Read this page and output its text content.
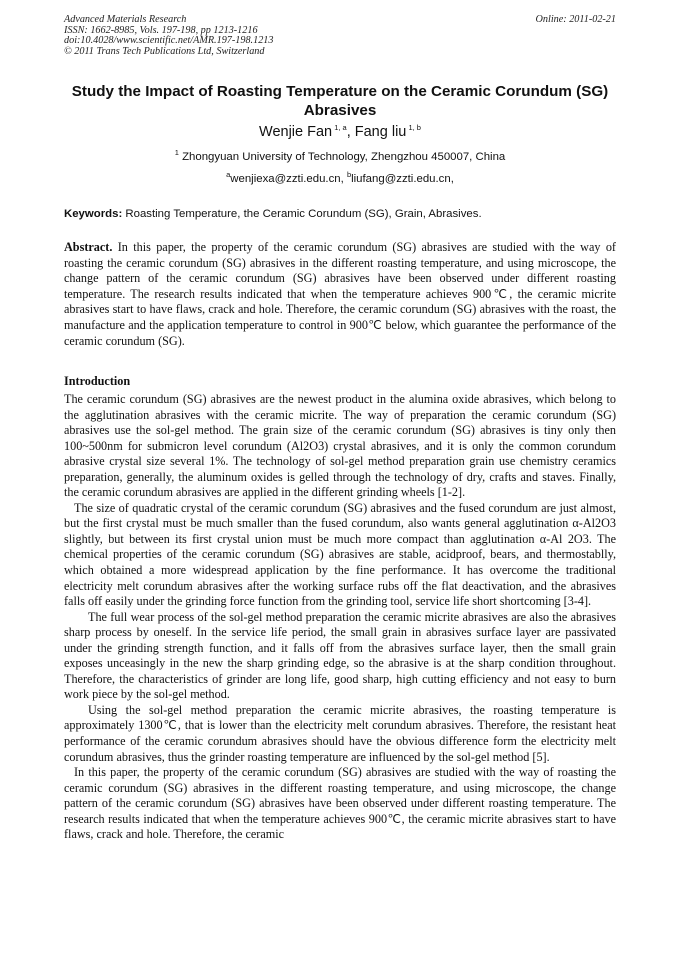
Advanced Materials Research
ISSN: 1662-8985, Vols. 197-198, pp 1213-1216
doi:10.4028/www.scientific.net/AMR.197-198.1213
© 2011 Trans Tech Publications Ltd, Switzerland
Online: 2011-02-21
Study the Impact of Roasting Temperature on the Ceramic Corundum (SG) Abrasives
Wenjie Fan $^{1, a}$, Fang liu $^{1, b}$
$^1$ Zhongyuan University of Technology, Zhengzhou 450007, China
$^a$wenjiexa@zzti.edu.cn, $^b$liufang@zzti.edu.cn,
Keywords: Roasting Temperature, the Ceramic Corundum (SG), Grain, Abrasives.
Abstract. In this paper, the property of the ceramic corundum (SG) abrasives are studied with the way of roasting the ceramic corundum (SG) abrasives in the different roasting temperature, and using microscope, the change pattern of the ceramic corundum (SG) abrasives have been observed under different roasting temperature. The research results indicated that when the temperature achieves 900℃, the ceramic micrite abrasives start to have flaws, crack and hole. Therefore, the ceramic corundum (SG) abrasives with the roast, the manufacture and the application temperature to control in 900℃ below, which guarantee the performance of the ceramic corundum (SG).
Introduction

The ceramic corundum (SG) abrasives are the newest product in the alumina oxide abrasives, which belong to the agglutination abrasives with the ceramic micrite. The way of preparation the ceramic corundum (SG) abrasives use the sol-gel method. The grain size of the ceramic corundum (SG) abrasives is tiny only then 100~500nm for submicron level corundum (Al2O3) crystal abrasives, and it is only the common corundum abrasive crystal size several 1%. The technology of sol-gel method preparation grain use chemistry ceramics preparation, generally, the aluminum oxides is gelled through the technology of dry, crafts and staves. Finally, the ceramic corundum abrasives are applied in the different grinding wheels [1-2].

The size of quadratic crystal of the ceramic corundum (SG) abrasives and the fused corundum are just almost, but the first crystal must be much smaller than the fused corundum, also wants general agglutination α-Al2O3 slightly, but between its first crystal union must be much more compact than agglutination α-Al 2O3. The chemical properties of the ceramic corundum (SG) abrasives are stable, acidproof, bears, and thermostablly, which obtained a more widespread application by the fine performance. It has overcome the traditional electricity melt corundum abrasives after the working surface rubs off the flat deactivation, and the abrasives falls off easily under the grinding force function from the grinding tool, service life short shortcoming [3-4].

The full wear process of the sol-gel method preparation the ceramic micrite abrasives are also the abrasives sharp process by oneself. In the service life period, the small grain in abrasives surface layer are passivated under the grinding strength function, and it falls off from the abrasives surface layer, then the small grain exposes unceasingly in the new the sharp grinding edge, so the abrasive is at the sharp condition throughout. Therefore, the characteristics of grinder are long life, good sharp, high cutting efficiency and not easy to burn work piece by the sol-gel method.

Using the sol-gel method preparation the ceramic micrite abrasives, the roasting temperature is approximately 1300℃, that is lower than the electricity melt corundum abrasives. Therefore, the resistant heat performance of the ceramic corundum abrasives should have the obvious difference form the electricity melt corundum abrasives, thus the grinder roasting temperature are influenced by the sol-gel method [5].

In this paper, the property of the ceramic corundum (SG) abrasives are studied with the way of roasting the ceramic corundum (SG) abrasives in the different roasting temperature, and using microscope, the change pattern of the ceramic corundum (SG) abrasives have been observed under different roasting temperature. The research results indicated that when the temperature achieves 900℃, the ceramic micrite abrasives start to have flaws, crack and hole. Therefore, the ceramic
